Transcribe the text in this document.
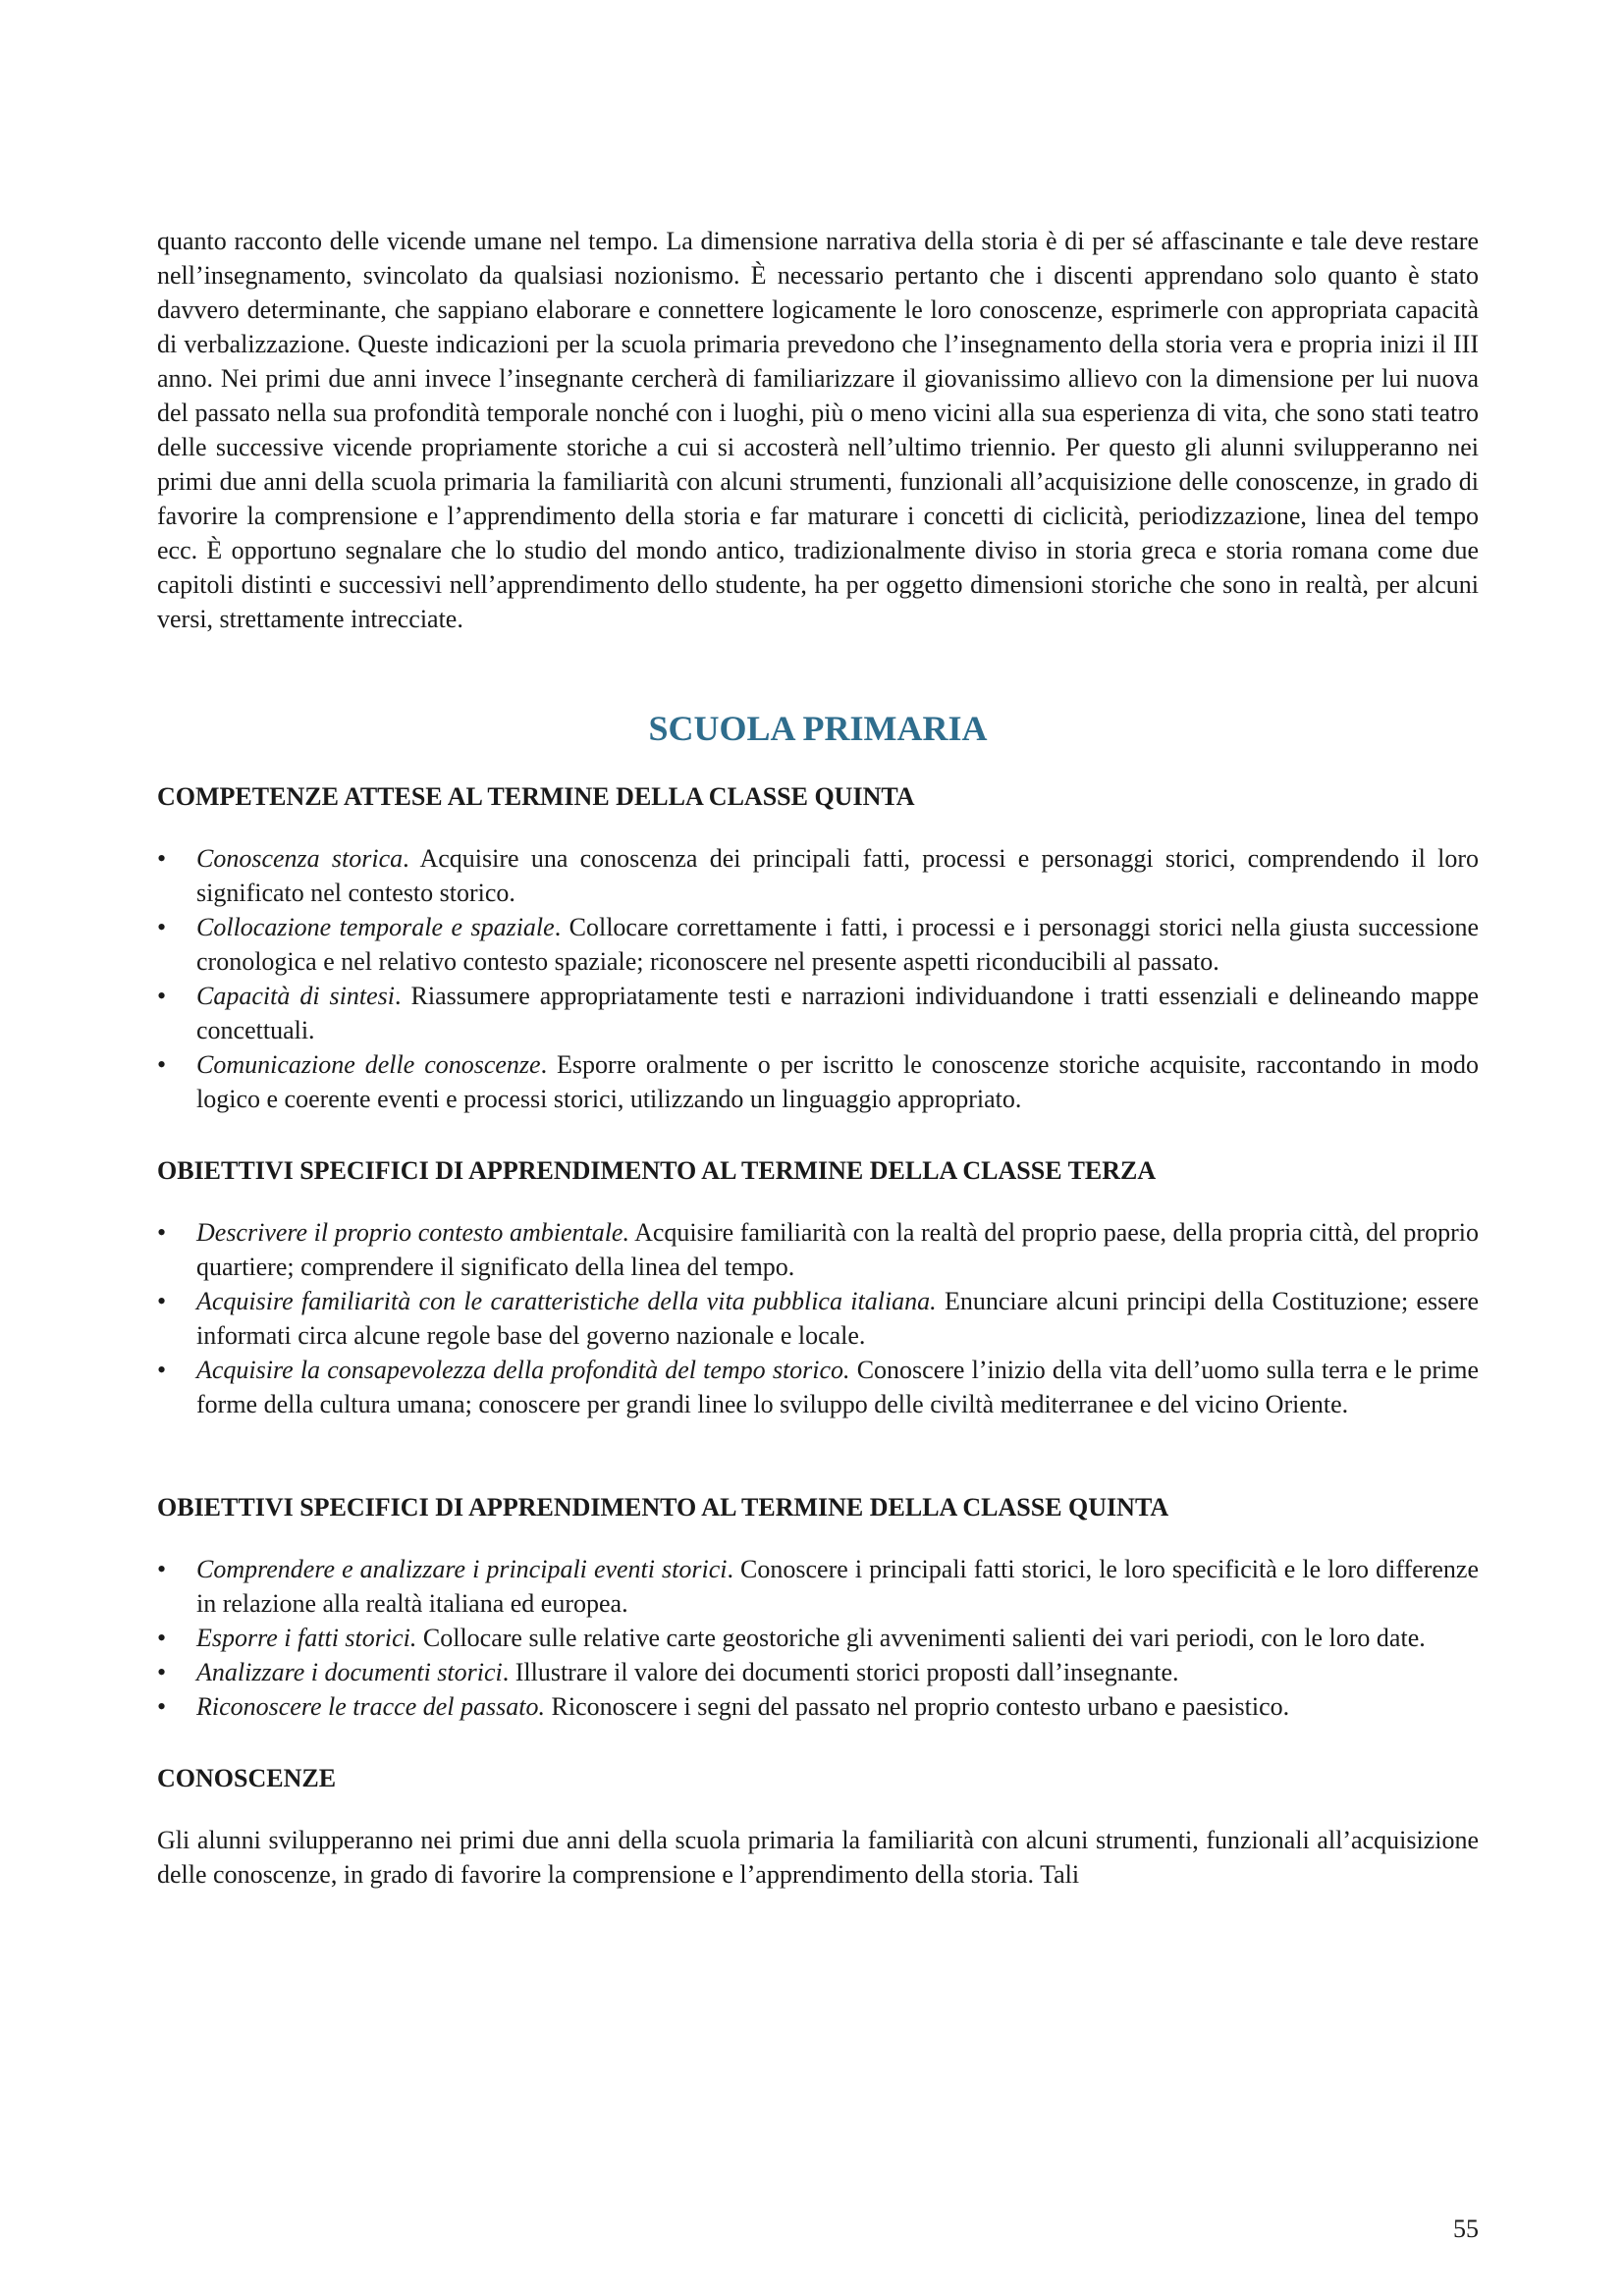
quanto racconto delle vicende umane nel tempo. La dimensione narrativa della storia è di per sé affascinante e tale deve restare nell’insegnamento, svincolato da qualsiasi nozionismo. È necessario pertanto che i discenti apprendano solo quanto è stato davvero determinante, che sappiano elaborare e connettere logicamente le loro conoscenze, esprimerle con appropriata capacità di verbalizzazione. Queste indicazioni per la scuola primaria prevedono che l’insegnamento della storia vera e propria inizi il III anno. Nei primi due anni invece l’insegnante cercherà di familiarizzare il giovanissimo allievo con la dimensione per lui nuova del passato nella sua profondità temporale nonché con i luoghi, più o meno vicini alla sua esperienza di vita, che sono stati teatro delle successive vicende propriamente storiche a cui si accosterà nell’ultimo triennio. Per questo gli alunni svilupperanno nei primi due anni della scuola primaria la familiarità con alcuni strumenti, funzionali all’acquisizione delle conoscenze, in grado di favorire la comprensione e l’apprendimento della storia e far maturare i concetti di ciclicità, periodizzazione, linea del tempo ecc. È opportuno segnalare che lo studio del mondo antico, tradizionalmente diviso in storia greca e storia romana come due capitoli distinti e successivi nell’apprendimento dello studente, ha per oggetto dimensioni storiche che sono in realtà, per alcuni versi, strettamente intrecciate.

SCUOLA PRIMARIA
COMPETENZE ATTESE AL TERMINE DELLA CLASSE QUINTA
• Conoscenza storica. Acquisire una conoscenza dei principali fatti, processi e personaggi storici, comprendendo il loro significato nel contesto storico.
• Collocazione temporale e spaziale. Collocare correttamente i fatti, i processi e i personaggi storici nella giusta successione cronologica e nel relativo contesto spaziale; riconoscere nel presente aspetti riconducibili al passato.
• Capacità di sintesi. Riassumere appropriatamente testi e narrazioni individuandone i tratti essenziali e delineando mappe concettuali.
• Comunicazione delle conoscenze. Esporre oralmente o per iscritto le conoscenze storiche acquisite, raccontando in modo logico e coerente eventi e processi storici, utilizzando un linguaggio appropriato.
OBIETTIVI SPECIFICI DI APPRENDIMENTO AL TERMINE DELLA CLASSE TERZA
• Descrivere il proprio contesto ambientale. Acquisire familiarità con la realtà del proprio paese, della propria città, del proprio quartiere; comprendere il significato della linea del tempo.
• Acquisire familiarità con le caratteristiche della vita pubblica italiana. Enunciare alcuni principi della Costituzione; essere informati circa alcune regole base del governo nazionale e locale.
• Acquisire la consapevolezza della profondità del tempo storico. Conoscere l’inizio della vita dell’uomo sulla terra e le prime forme della cultura umana; conoscere per grandi linee lo sviluppo delle civiltà mediterranee e del vicino Oriente.
OBIETTIVI SPECIFICI DI APPRENDIMENTO AL TERMINE DELLA CLASSE QUINTA
• Comprendere e analizzare i principali eventi storici. Conoscere i principali fatti storici, le loro specificità e le loro differenze in relazione alla realtà italiana ed europea.
• Esporre i fatti storici. Collocare sulle relative carte geostoriche gli avvenimenti salienti dei vari periodi, con le loro date.
• Analizzare i documenti storici. Illustrare il valore dei documenti storici proposti dall’insegnante.
• Riconoscere le tracce del passato. Riconoscere i segni del passato nel proprio contesto urbano e paesistico.
CONOSCENZE

Gli alunni svilupperanno nei primi due anni della scuola primaria la familiarità con alcuni strumenti, funzionali all’acquisizione delle conoscenze, in grado di favorire la comprensione e l’apprendimento della storia. Tali

55
